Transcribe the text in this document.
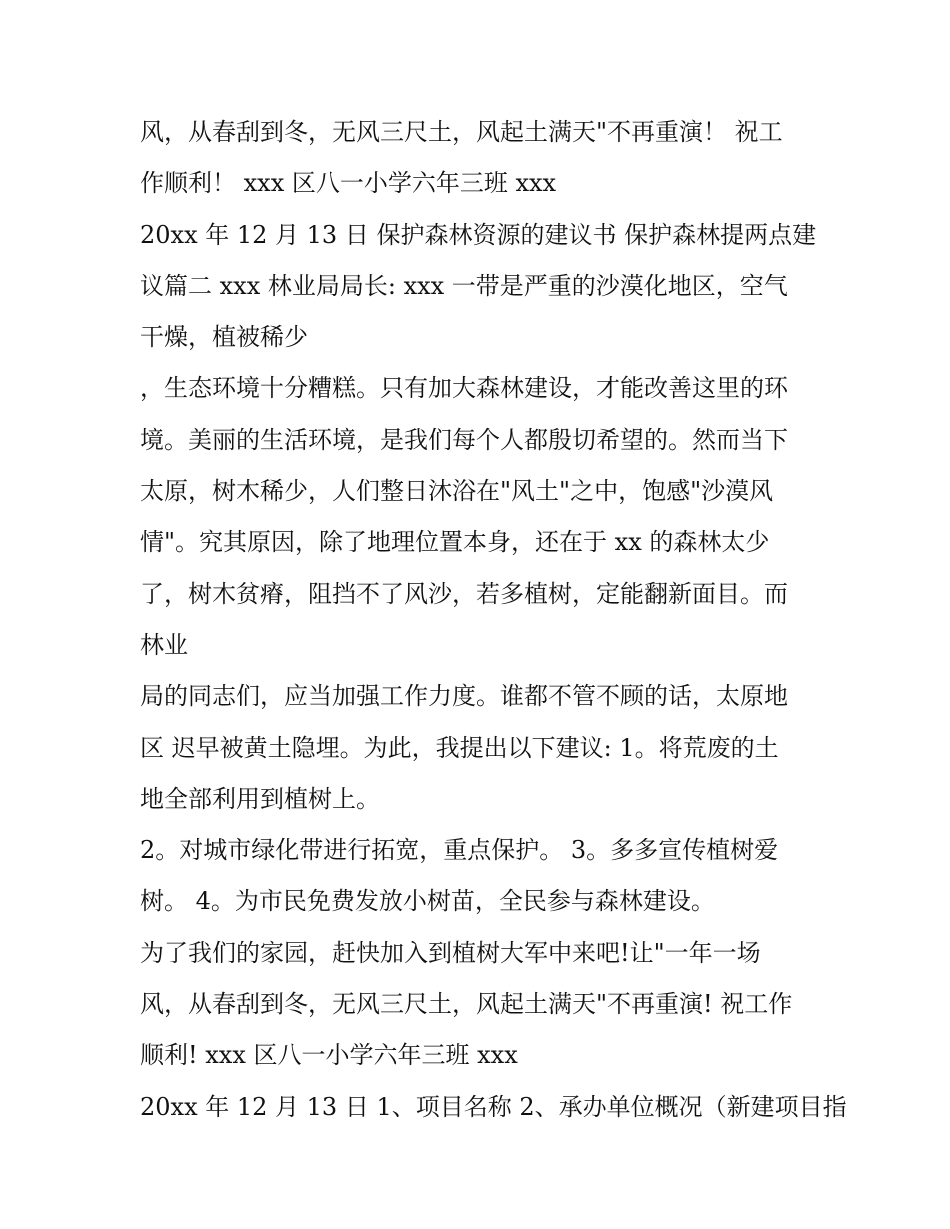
风，从春刮到冬，无风三尺土，风起土满天"不再重演！ 祝工
作顺利！ xxx 区八一小学六年三班 xxx
20xx 年 12 月 13 日 保护森林资源的建议书 保护森林提两点建
议篇二 xxx 林业局局长: xxx 一带是严重的沙漠化地区，空气
干燥，植被稀少
，生态环境十分糟糕。只有加大森林建设，才能改善这里的环
境。美丽的生活环境，是我们每个人都殷切希望的。然而当下
太原，树木稀少，人们整日沐浴在"风土"之中，饱感"沙漠风
情"。究其原因，除了地理位置本身，还在于 xx 的森林太少
了，树木贫瘠，阻挡不了风沙，若多植树，定能翻新面目。而
林业
局的同志们，应当加强工作力度。谁都不管不顾的话，太原地
区 迟早被黄土隐埋。为此，我提出以下建议: 1。将荒废的土
地全部利用到植树上。
2。对城市绿化带进行拓宽，重点保护。 3。多多宣传植树爱
树。 4。为市民免费发放小树苗，全民参与森林建设。
为了我们的家园，赶快加入到植树大军中来吧!让"一年一场
风，从春刮到冬，无风三尺土，风起土满天"不再重演! 祝工作
顺利! xxx 区八一小学六年三班 xxx
20xx 年 12 月 13 日 1、项目名称 2、承办单位概况（新建项目指
